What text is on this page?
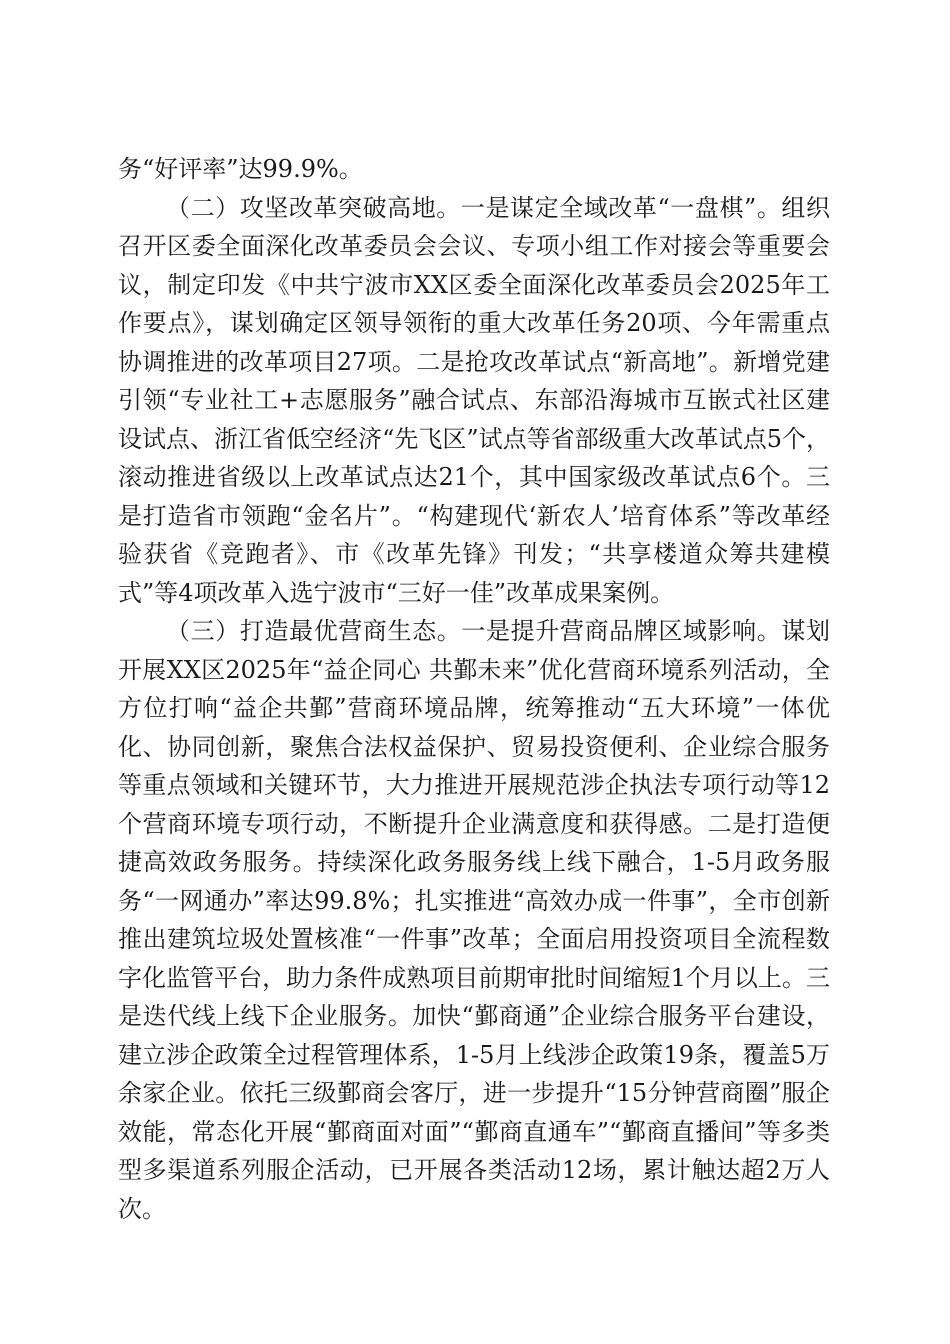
务“好评率”达99.9%。

（二）攻坚改革突破高地。一是谋定全域改革“一盘棋”。组织召开区委全面深化改革委员会会议、专项小组工作对接会等重要会议，制定印发《中共宁波市XX区委全面深化改革委员会2025年工作要点》，谋划确定区领导领衔的重大改革任务20项、今年需重点协调推进的改革项目27项。二是抢攻改革试点“新高地”。新增党建引领“专业社工+志愿服务”融合试点、东部沿海城市互嵌式社区建设试点、浙江省低空经济“先飞区”试点等省部级重大改革试点5个，滚动推进省级以上改革试点达21个，其中国家级改革试点6个。三是打造省市领跑“金名片”。“构建现代‘新农人’培育体系”等改革经验获省《竞跑者》、市《改革先锋》刊发；“共享楼道众筹共建模式”等4项改革入选宁波市“三好一佳”改革成果案例。

（三）打造最优营商生态。一是提升营商品牌区域影响。谋划开展XX区2025年“益企同心 共鄞未来”优化营商环境系列活动，全方位打响“益企共鄞”营商环境品牌，统筹推动“五大环境”一体优化、协同创新，聚焦合法权益保护、贸易投资便利、企业综合服务等重点领域和关键环节，大力推进开展规范涉企执法专项行动等12个营商环境专项行动，不断提升企业满意度和获得感。二是打造便捷高效政务服务。持续深化政务服务线上线下融合，1-5月政务服务“一网通办”率达99.8%；扎实推进“高效办成一件事”，全市创新推出建筑垃圾处置核准“一件事”改革；全面启用投资项目全流程数字化监管平台，助力条件成熟项目前期审批时间缩短1个月以上。三是迭代线上线下企业服务。加快“鄞商通”企业综合服务平台建设，建立涉企政策全过程管理体系，1-5月上线涉企政策19条，覆盖5万余家企业。依托三级鄞商会客厅，进一步提升“15分钟营商圈”服企效能，常态化开展“鄞商面对面”“鄞商直通车”“鄞商直播间”等多类型多渠道系列服企活动，已开展各类活动12场，累计触达超2万人次。
